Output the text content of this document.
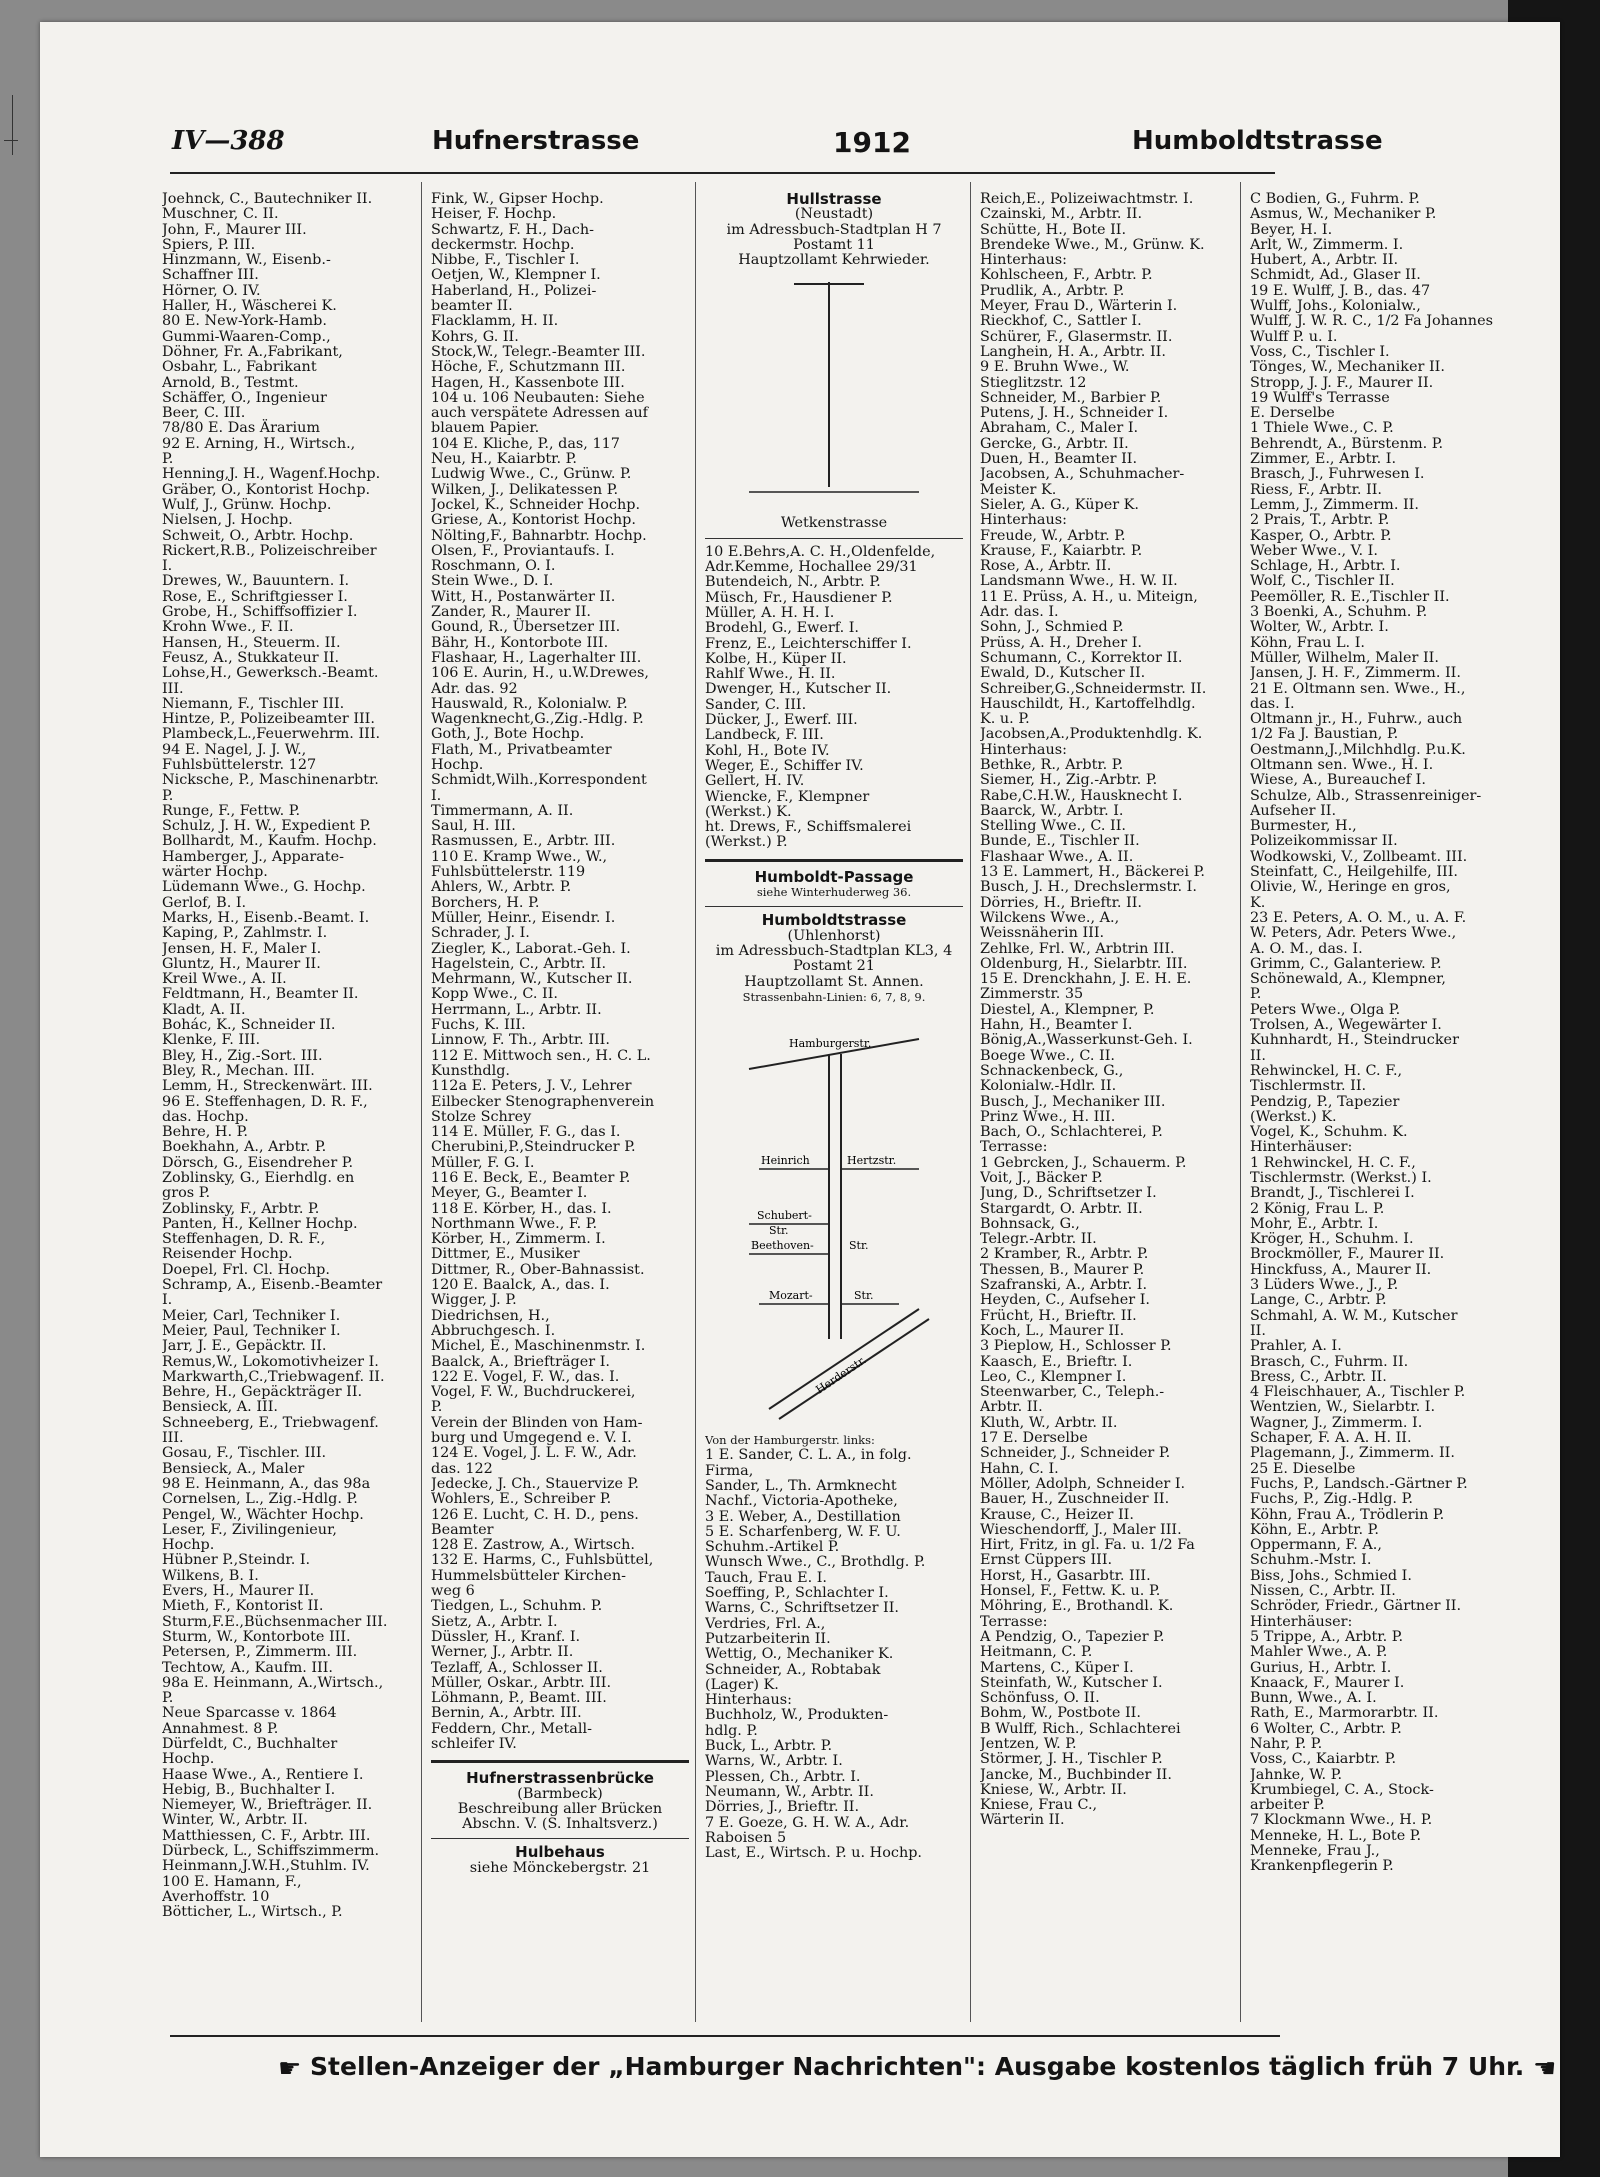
IV—388	Hufnerstrasse	1912	Humboldtstrasse
Joehnck, C., Bautechniker II.
Muschner, C. II.
John, F., Maurer III.
Spiers, P. III.
Hinzmann, W., Eisenb.-
Schaffner III.
Hörner, O. IV.
Haller, H., Wäscherei K.
80 E. New-York-Hamb.
Gummi-Waaren-Comp.,
Döhner, Fr. A.,Fabrikant,
Osbahr, L., Fabrikant
Arnold, B., Testmt.
Schäffer, O., Ingenieur
Beer, C. III.
78/80 E. Das Ärarium
92 E. Arning, H., Wirtsch.,
P.
Henning,J. H., Wagenf.Hochp.
Gräber, O., Kontorist Hochp.
Wulf, J., Grünw. Hochp.
Nielsen, J. Hochp.
Schweit, O., Arbtr. Hochp.
Rickert,R.B., Polizeischreiber
I.
Drewes, W., Bauuntern. I.
Rose, E., Schriftgiesser I.
Grobe, H., Schiffsoffizier I.
Krohn Wwe., F. II.
Hansen, H., Steuerm. II.
Feusz, A., Stukkateur II.
Lohse,H., Gewerksch.-Beamt.
III.
Niemann, F., Tischler III.
Hintze, P., Polizeibeamter III.
Plambeck,L.,Feuerwehrm. III.
94 E. Nagel, J. J. W.,
Fuhlsbüttelerstr. 127
Nicksche, P., Maschinenarbtr.
P.
Runge, F., Fettw. P.
Schulz, J. H. W., Expedient P.
Bollhardt, M., Kaufm. Hochp.
Hamberger, J., Apparate-
wärter Hochp.
Lüdemann Wwe., G. Hochp.
Gerlof, B. I.
Marks, H., Eisenb.-Beamt. I.
Kaping, P., Zahlmstr. I.
Jensen, H. F., Maler I.
Gluntz, H., Maurer II.
Kreil Wwe., A. II.
Feldtmann, H., Beamter II.
Kladt, A. II.
Bohác, K., Schneider II.
Klenke, F. III.
Bley, H., Zig.-Sort. III.
Bley, R., Mechan. III.
Lemm, H., Streckenwärt. III.
96 E. Steffenhagen, D. R. F.,
das. Hochp.
Behre, H. P.
Boekhahn, A., Arbtr. P.
Dörsch, G., Eisendreher P.
Zoblinsky, G., Eierhdlg. en
gros P.
Zoblinsky, F., Arbtr. P.
Panten, H., Kellner Hochp.
Steffenhagen, D. R. F.,
Reisender Hochp.
Doepel, Frl. Cl. Hochp.
Schramp, A., Eisenb.-Beamter
I.
Meier, Carl, Techniker I.
Meier, Paul, Techniker I.
Jarr, J. E., Gepäcktr. II.
Remus,W., Lokomotivheizer I.
Markwarth,C.,Triebwagenf. II.
Behre, H., Gepäckträger II.
Bensieck, A. III.
Schneeberg, E., Triebwagenf.
III.
Gosau, F., Tischler. III.
Bensieck, A., Maler
98 E. Heinmann, A., das 98a
Cornelsen, L., Zig.-Hdlg. P.
Pengel, W., Wächter Hochp.
Leser, F., Zivilingenieur,
Hochp.
Hübner P.,Steindr. I.
Wilkens, B. I.
Evers, H., Maurer II.
Mieth, F., Kontorist II.
Sturm,F.E.,Büchsenmacher III.
Sturm, W., Kontorbote III.
Petersen, P., Zimmerm. III.
Techtow, A., Kaufm. III.
98a E. Heinmann, A.,Wirtsch.,
P.
Neue Sparcasse v. 1864
Annahmest. 8 P.
Dürfeldt, C., Buchhalter
Hochp.
Haase Wwe., A., Rentiere I.
Hebig, B., Buchhalter I.
Niemeyer, W., Briefträger. II.
Winter, W., Arbtr. II.
Matthiessen, C. F., Arbtr. III.
Dürbeck, L., Schiffszimmerm.
Heinmann,J.W.H.,Stuhlm. IV.
100 E. Hamann, F.,
Averhoffstr. 10
Bötticher, L., Wirtsch., P.
Fink, W., Gipser Hochp.
Heiser, F. Hochp.
Schwartz, F. H., Dach-
deckermstr. Hochp.
Nibbe, F., Tischler I.
Oetjen, W., Klempner I.
Haberland, H., Polizei-
beamter II.
Flacklamm, H. II.
Kohrs, G. II.
Stock,W., Telegr.-Beamter III.
Höche, F., Schutzmann III.
Hagen, H., Kassenbote III.
104 u. 106 Neubauten: Siehe
auch verspätete Adressen auf
blauem Papier.
104 E. Kliche, P., das, 117
Neu, H., Kaiarbtr. P.
Ludwig Wwe., C., Grünw. P.
Wilken, J., Delikatessen P.
Jockel, K., Schneider Hochp.
Griese, A., Kontorist Hochp.
Nölting,F., Bahnarbtr. Hochp.
Olsen, F., Proviantaufs. I.
Roschmann, O. I.
Stein Wwe., D. I.
Witt, H., Postanwärter II.
Zander, R., Maurer II.
Gound, R., Übersetzer III.
Bähr, H., Kontorbote III.
Flashaar, H., Lagerhalter III.
106 E. Aurin, H., u.W.Drewes,
Adr. das. 92
Hauswald, R., Kolonialw. P.
Wagenknecht,G.,Zig.-Hdlg. P.
Goth, J., Bote Hochp.
Flath, M., Privatbeamter
Hochp.
Schmidt,Wilh.,Korrespondent
I.
Timmermann, A. II.
Saul, H. III.
Rasmussen, E., Arbtr. III.
110 E. Kramp Wwe., W.,
Fuhlsbüttelerstr. 119
Ahlers, W., Arbtr. P.
Borchers, H. P.
Müller, Heinr., Eisendr. I.
Schrader, J. I.
Ziegler, K., Laborat.-Geh. I.
Hagelstein, C., Arbtr. II.
Mehrmann, W., Kutscher II.
Kopp Wwe., C. II.
Herrmann, L., Arbtr. II.
Fuchs, K. III.
Linnow, F. Th., Arbtr. III.
112 E. Mittwoch sen., H. C. L.
Kunsthdlg.
112a E. Peters, J. V., Lehrer
Eilbecker Stenographenverein
Stolze Schrey
114 E. Müller, F. G., das I.
Cherubini,P.,Steindrucker P.
Müller, F. G. I.
116 E. Beck, E., Beamter P.
Meyer, G., Beamter I.
118 E. Körber, H., das. I.
Northmann Wwe., F. P.
Körber, H., Zimmerm. I.
Dittmer, E., Musiker
Dittmer, R., Ober-Bahnassist.
120 E. Baalck, A., das. I.
Wigger, J. P.
Diedrichsen, H.,
Abbruchgesch. I.
Michel, E., Maschinenmstr. I.
Baalck, A., Briefträger I.
122 E. Vogel, F. W., das. I.
Vogel, F. W., Buchdruckerei,
P.
Verein der Blinden von Ham-
burg und Umgegend e. V. I.
124 E. Vogel, J. L. F. W., Adr.
das. 122
Jedecke, J. Ch., Stauervize P.
Wohlers, E., Schreiber P.
126 E. Lucht, C. H. D., pens.
Beamter
128 E. Zastrow, A., Wirtsch.
132 E. Harms, C., Fuhlsbüttel,
Hummelsbütteler Kirchen-
weg 6
Tiedgen, L., Schuhm. P.
Sietz, A., Arbtr. I.
Düssler, H., Kranf. I.
Werner, J., Arbtr. II.
Tezlaff, A., Schlosser II.
Müller, Oskar., Arbtr. III.
Löhmann, P., Beamt. III.
Bernin, A., Arbtr. III.
Feddern, Chr., Metall-
schleifer IV.
Hufnerstrassenbrücke
(Barmbeck)
Beschreibung aller Brücken
Abschn. V. (S. Inhaltsverz.)
Hulbehaus
siehe Mönckebergstr. 21
Hullstrasse
(Neustadt)
im Adressbuch-Stadtplan H 7
Postamt 11
Hauptzollamt Kehrwieder.
Wetkenstrasse
10 E.Behrs,A. C. H.,Oldenfelde,
Adr.Kemme, Hochallee 29/31
Butendeich, N., Arbtr. P.
Müsch, Fr., Hausdiener P.
Müller, A. H. H. I.
Brodehl, G., Ewerf. I.
Frenz, E., Leichterschiffer I.
Kolbe, H., Küper II.
Rahlf Wwe., H. II.
Dwenger, H., Kutscher II.
Sander, C. III.
Dücker, J., Ewerf. III.
Landbeck, F. III.
Kohl, H., Bote IV.
Weger, E., Schiffer IV.
Gellert, H. IV.
Wiencke, F., Klempner
(Werkst.) K.
ht. Drews, F., Schiffsmalerei
(Werkst.) P.
Humboldt-Passage
siehe Winterhuderweg 36.
Humboldtstrasse
(Uhlenhorst)
im Adressbuch-Stadtplan KL3, 4
Postamt 21
Hauptzollamt St. Annen.
Strassenbahn-Linien: 6, 7, 8, 9.
Hamburgerstr.
Heinrich	Hertzstr.
Schubert-
Str.
Beethoven-	Str.
Mozart-	Str.
Herderstr.
Von der Hamburgerstr. links:
1 E. Sander, C. L. A., in folg.
Firma,
Sander, L., Th. Armknecht
Nachf., Victoria-Apotheke,
3 E. Weber, A., Destillation
5 E. Scharfenberg, W. F. U.
Schuhm.-Artikel P.
Wunsch Wwe., C., Brothdlg. P.
Tauch, Frau E. I.
Soeffing, P., Schlachter I.
Warns, C., Schriftsetzer II.
Verdries, Frl. A.,
Putzarbeiterin II.
Wettig, O., Mechaniker K.
Schneider, A., Robtabak
(Lager) K.
Hinterhaus:
Buchholz, W., Produkten-
hdlg. P.
Buck, L., Arbtr. P.
Warns, W., Arbtr. I.
Plessen, Ch., Arbtr. I.
Neumann, W., Arbtr. II.
Dörries, J., Brieftr. II.
7 E. Goeze, G. H. W. A., Adr.
Raboisen 5
Last, E., Wirtsch. P. u. Hochp.
Reich,E., Polizeiwachtmstr. I.
Czainski, M., Arbtr. II.
Schütte, H., Bote II.
Brendeke Wwe., M., Grünw. K.
Hinterhaus:
Kohlscheen, F., Arbtr. P.
Prudlik, A., Arbtr. P.
Meyer, Frau D., Wärterin I.
Rieckhof, C., Sattler I.
Schürer, F., Glasermstr. II.
Langhein, H. A., Arbtr. II.
9 E. Bruhn Wwe., W.
Stieglitzstr. 12
Schneider, M., Barbier P.
Putens, J. H., Schneider I.
Abraham, C., Maler I.
Gercke, G., Arbtr. II.
Duen, H., Beamter II.
Jacobsen, A., Schuhmacher-
Meister K.
Sieler, A. G., Küper K.
Hinterhaus:
Freude, W., Arbtr. P.
Krause, F., Kaiarbtr. P.
Rose, A., Arbtr. II.
Landsmann Wwe., H. W. II.
11 E. Prüss, A. H., u. Miteign,
Adr. das. I.
Sohn, J., Schmied P.
Prüss, A. H., Dreher I.
Schumann, C., Korrektor II.
Ewald, D., Kutscher II.
Schreiber,G.,Schneidermstr. II.
Hauschildt, H., Kartoffelhdlg.
K. u. P.
Jacobsen,A.,Produktenhdlg. K.
Hinterhaus:
Bethke, R., Arbtr. P.
Siemer, H., Zig.-Arbtr. P.
Rabe,C.H.W., Hausknecht I.
Baarck, W., Arbtr. I.
Stelling Wwe., C. II.
Bunde, E., Tischler II.
Flashaar Wwe., A. II.
13 E. Lammert, H., Bäckerei P.
Busch, J. H., Drechslermstr. I.
Dörries, H., Brieftr. II.
Wilckens Wwe., A.,
Weissnäherin III.
Zehlke, Frl. W., Arbtrin III.
Oldenburg, H., Sielarbtr. III.
15 E. Drenckhahn, J. E. H. E.
Zimmerstr. 35
Diestel, A., Klempner, P.
Hahn, H., Beamter I.
Bönig,A.,Wasserkunst-Geh. I.
Boege Wwe., C. II.
Schnackenbeck, G.,
Kolonialw.-Hdlr. II.
Busch, J., Mechaniker III.
Prinz Wwe., H. III.
Bach, O., Schlachterei, P.
Terrasse:
1 Gebrcken, J., Schauerm. P.
Voit, J., Bäcker P.
Jung, D., Schriftsetzer I.
Stargardt, O. Arbtr. II.
Bohnsack, G.,
Telegr.-Arbtr. II.
2 Kramber, R., Arbtr. P.
Thessen, B., Maurer P.
Szafranski, A., Arbtr. I.
Heyden, C., Aufseher I.
Frücht, H., Brieftr. II.
Koch, L., Maurer II.
3 Pieplow, H., Schlosser P.
Kaasch, E., Brieftr. I.
Leo, C., Klempner I.
Steenwarber, C., Teleph.-
Arbtr. II.
Kluth, W., Arbtr. II.
17 E. Derselbe
Schneider, J., Schneider P.
Hahn, C. I.
Möller, Adolph, Schneider I.
Bauer, H., Zuschneider II.
Krause, C., Heizer II.
Wieschendorff, J., Maler III.
Hirt, Fritz, in gl. Fa. u. 1/2 Fa
Ernst Cüppers III.
Horst, H., Gasarbtr. III.
Honsel, F., Fettw. K. u. P.
Möhring, E., Brothandl. K.
Terrasse:
A Pendzig, O., Tapezier P.
Heitmann, C. P.
Martens, C., Küper I.
Steinfath, W., Kutscher I.
Schönfuss, O. II.
Bohm, W., Postbote II.
B Wulff, Rich., Schlachterei
Jentzen, W. P.
Störmer, J. H., Tischler P.
Jancke, M., Buchbinder II.
Kniese, W., Arbtr. II.
Kniese, Frau C.,
Wärterin II.
C Bodien, G., Fuhrm. P.
Asmus, W., Mechaniker P.
Beyer, H. I.
Arlt, W., Zimmerm. I.
Hubert, A., Arbtr. II.
Schmidt, Ad., Glaser II.
19 E. Wulff, J. B., das. 47
Wulff, Johs., Kolonialw.,
Wulff, J. W. R. C., 1/2 Fa Johannes
Wulff P. u. I.
Voss, C., Tischler I.
Tönges, W., Mechaniker II.
Stropp, J. J. F., Maurer II.
19 Wulff's Terrasse
E. Derselbe
1 Thiele Wwe., C. P.
Behrendt, A., Bürstenm. P.
Zimmer, E., Arbtr. I.
Brasch, J., Fuhrwesen I.
Riess, F., Arbtr. II.
Lemm, J., Zimmerm. II.
2 Prais, T., Arbtr. P.
Kasper, O., Arbtr. P.
Weber Wwe., V. I.
Schlage, H., Arbtr. I.
Wolf, C., Tischler II.
Peemöller, R. E.,Tischler II.
3 Boenki, A., Schuhm. P.
Wolter, W., Arbtr. I.
Köhn, Frau L. I.
Müller, Wilhelm, Maler II.
Jansen, J. H. F., Zimmerm. II.
21 E. Oltmann sen. Wwe., H.,
das. I.
Oltmann jr., H., Fuhrw., auch
1/2 Fa J. Baustian, P.
Oestmann,J.,Milchhdlg. P.u.K.
Oltmann sen. Wwe., H. I.
Wiese, A., Bureauchef I.
Schulze, Alb., Strassenreiniger-
Aufseher II.
Burmester, H.,
Polizeikommissar II.
Wodkowski, V., Zollbeamt. III.
Steinfatt, C., Heilgehilfe, III.
Olivie, W., Heringe en gros,
K.
23 E. Peters, A. O. M., u. A. F.
W. Peters, Adr. Peters Wwe.,
A. O. M., das. I.
Grimm, C., Galanteriew. P.
Schönewald, A., Klempner,
P.
Peters Wwe., Olga P.
Trolsen, A., Wegewärter I.
Kuhnhardt, H., Steindrucker
II.
Rehwinckel, H. C. F.,
Tischlermstr. II.
Pendzig, P., Tapezier
(Werkst.) K.
Vogel, K., Schuhm. K.
Hinterhäuser:
1 Rehwinckel, H. C. F.,
Tischlermstr. (Werkst.) I.
Brandt, J., Tischlerei I.
2 König, Frau L. P.
Mohr, E., Arbtr. I.
Kröger, H., Schuhm. I.
Brockmöller, F., Maurer II.
Hinckfuss, A., Maurer II.
3 Lüders Wwe., J., P.
Lange, C., Arbtr. P.
Schmahl, A. W. M., Kutscher
II.
Prahler, A. I.
Brasch, C., Fuhrm. II.
Bress, C., Arbtr. II.
4 Fleischhauer, A., Tischler P.
Wentzien, W., Sielarbtr. I.
Wagner, J., Zimmerm. I.
Schaper, F. A. A. H. II.
Plagemann, J., Zimmerm. II.
25 E. Dieselbe
Fuchs, P., Landsch.-Gärtner P.
Fuchs, P., Zig.-Hdlg. P.
Köhn, Frau A., Trödlerin P.
Köhn, E., Arbtr. P.
Oppermann, F. A.,
Schuhm.-Mstr. I.
Biss, Johs., Schmied I.
Nissen, C., Arbtr. II.
Schröder, Friedr., Gärtner II.
Hinterhäuser:
5 Trippe, A., Arbtr. P.
Mahler Wwe., A. P.
Gurius, H., Arbtr. I.
Knaack, F., Maurer I.
Bunn, Wwe., A. I.
Rath, E., Marmorarbtr. II.
6 Wolter, C., Arbtr. P.
Nahr, P. P.
Voss, C., Kaiarbtr. P.
Jahnke, W. P.
Krumbiegel, C. A., Stock-
arbeiter P.
7 Klockmann Wwe., H. P.
Menneke, H. L., Bote P.
Menneke, Frau J.,
Krankenpflegerin P.
☛ Stellen-Anzeiger der „Hamburger Nachrichten": Ausgabe kostenlos täglich früh 7 Uhr. ☚
